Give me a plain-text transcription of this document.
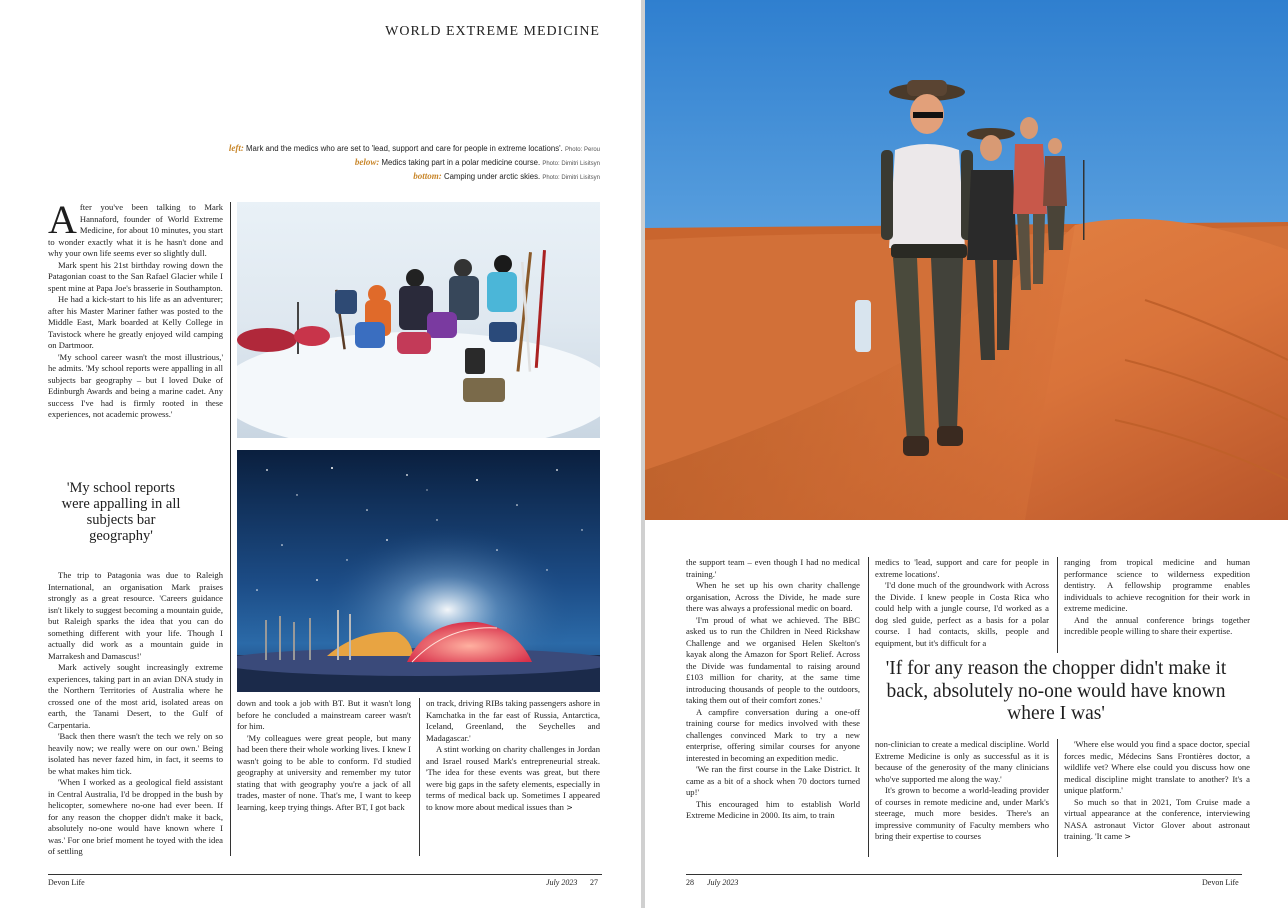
WORLD EXTREME MEDICINE
left: Mark and the medics who are set to 'lead, support and care for people in extreme locations'. Photo: Perou
below: Medics taking part in a polar medicine course. Photo: Dimitri Lisitsyn
bottom: Camping under arctic skies. Photo: Dimitri Lisitsyn

After you've been talking to Mark Hannaford, founder of World Extreme Medicine, for about 10 minutes, you start to wonder exactly what it is he hasn't done and why your own life seems ever so slightly dull.

Mark spent his 21st birthday rowing down the Patagonian coast to the San Rafael Glacier while I spent mine at Papa Joe's brasserie in Southampton.

He had a kick-start to his life as an adventurer; after his Master Mariner father was posted to the Middle East, Mark boarded at Kelly College in Tavistock where he greatly enjoyed wild camping on Dartmoor.

'My school career wasn't the most illustrious,' he admits. 'My school reports were appalling in all subjects bar geography – but I loved Duke of Edinburgh Awards and being a marine cadet. Any success I've had is firmly rooted in these experiences, not academic prowess.'

'My school reports were appalling in all subjects bar geography'

The trip to Patagonia was due to Raleigh International, an organisation Mark praises strongly as a great resource. 'Careers guidance isn't likely to suggest becoming a mountain guide, but Raleigh sparks the idea that you can do something different with your life. Though I actually did work as a mountain guide in Marrakesh and Damascus!'

Mark actively sought increasingly extreme experiences, taking part in an avian DNA study in the Northern Territories of Australia where he crossed one of the most arid, isolated areas on earth, the Tanami Desert, to the Gulf of Carpentaria.

'Back then there wasn't the tech we rely on so heavily now; we really were on our own.' Being isolated has never fazed him, in fact, it seems to be what makes him tick.

'When I worked as a geological field assistant in Central Australia, I'd be dropped in the bush by helicopter, somewhere no-one had ever been. If for any reason the chopper didn't make it back, absolutely no-one would have known where I was.' For one brief moment he toyed with the idea of settling

down and took a job with BT. But it wasn't long before he concluded a mainstream career wasn't for him.

'My colleagues were great people, but many had been there their whole working lives. I knew I wasn't going to be able to conform. I'd studied geography at university and remember my tutor stating that with geography you're a jack of all trades, master of none. That's me, I want to keep learning, keep trying things. After BT, I got back

on track, driving RIBs taking passengers ashore in Kamchatka in the far east of Russia, Antarctica, Iceland, Greenland, the Seychelles and Madagascar.'

A stint working on charity challenges in Jordan and Israel roused Mark's entrepreneurial streak. 'The idea for these events was great, but there were big gaps in the safety elements, especially in terms of medical back up. Sometimes I appeared to know more about medical issues than >

Devon Life	July 2023 27

the support team – even though I had no medical training.'

When he set up his own charity challenge organisation, Across the Divide, he made sure there was always a professional medic on board.

'I'm proud of what we achieved. The BBC asked us to run the Children in Need Rickshaw Challenge and we organised Helen Skelton's kayak along the Amazon for Sport Relief. Across the Divide was fundamental to raising around £103 million for charity, at the same time introducing thousands of people to the outdoors, taking them out of their comfort zones.'

A campfire conversation during a one-off training course for medics involved with these challenges convinced Mark to try a new enterprise, offering similar courses for anyone interested in becoming an expedition medic.

'We ran the first course in the Lake District. It came as a bit of a shock when 70 doctors turned up!'

This encouraged him to establish World Extreme Medicine in 2000. Its aim, to train

medics to 'lead, support and care for people in extreme locations'.

'I'd done much of the groundwork with Across the Divide. I knew people in Costa Rica who could help with a jungle course, I'd worked as a dog sled guide, perfect as a basis for a polar course. I had contacts, skills, people and equipment, but it's difficult for a

ranging from tropical medicine and human performance science to wilderness expedition dentistry. A fellowship programme enables individuals to achieve recognition for their work in extreme medicine.

And the annual conference brings together incredible people willing to share their expertise.

'If for any reason the chopper didn't make it back, absolutely no-one would have known where I was'

non-clinician to create a medical discipline. World Extreme Medicine is only as successful as it is because of the generosity of the many clinicians who've supported me along the way.'

It's grown to become a world-leading provider of courses in remote medicine and, under Mark's steerage, much more besides. There's an impressive community of Faculty members who bring their expertise to courses

'Where else would you find a space doctor, special forces medic, Médecins Sans Frontières doctor, a wildlife vet? Where else could you discuss how one medical discipline might translate to another? It's a unique platform.'

So much so that in 2021, Tom Cruise made a virtual appearance at the conference, interviewing NASA astronaut Victor Glover about astronaut training. 'It came >

28 July 2023	Devon Life
